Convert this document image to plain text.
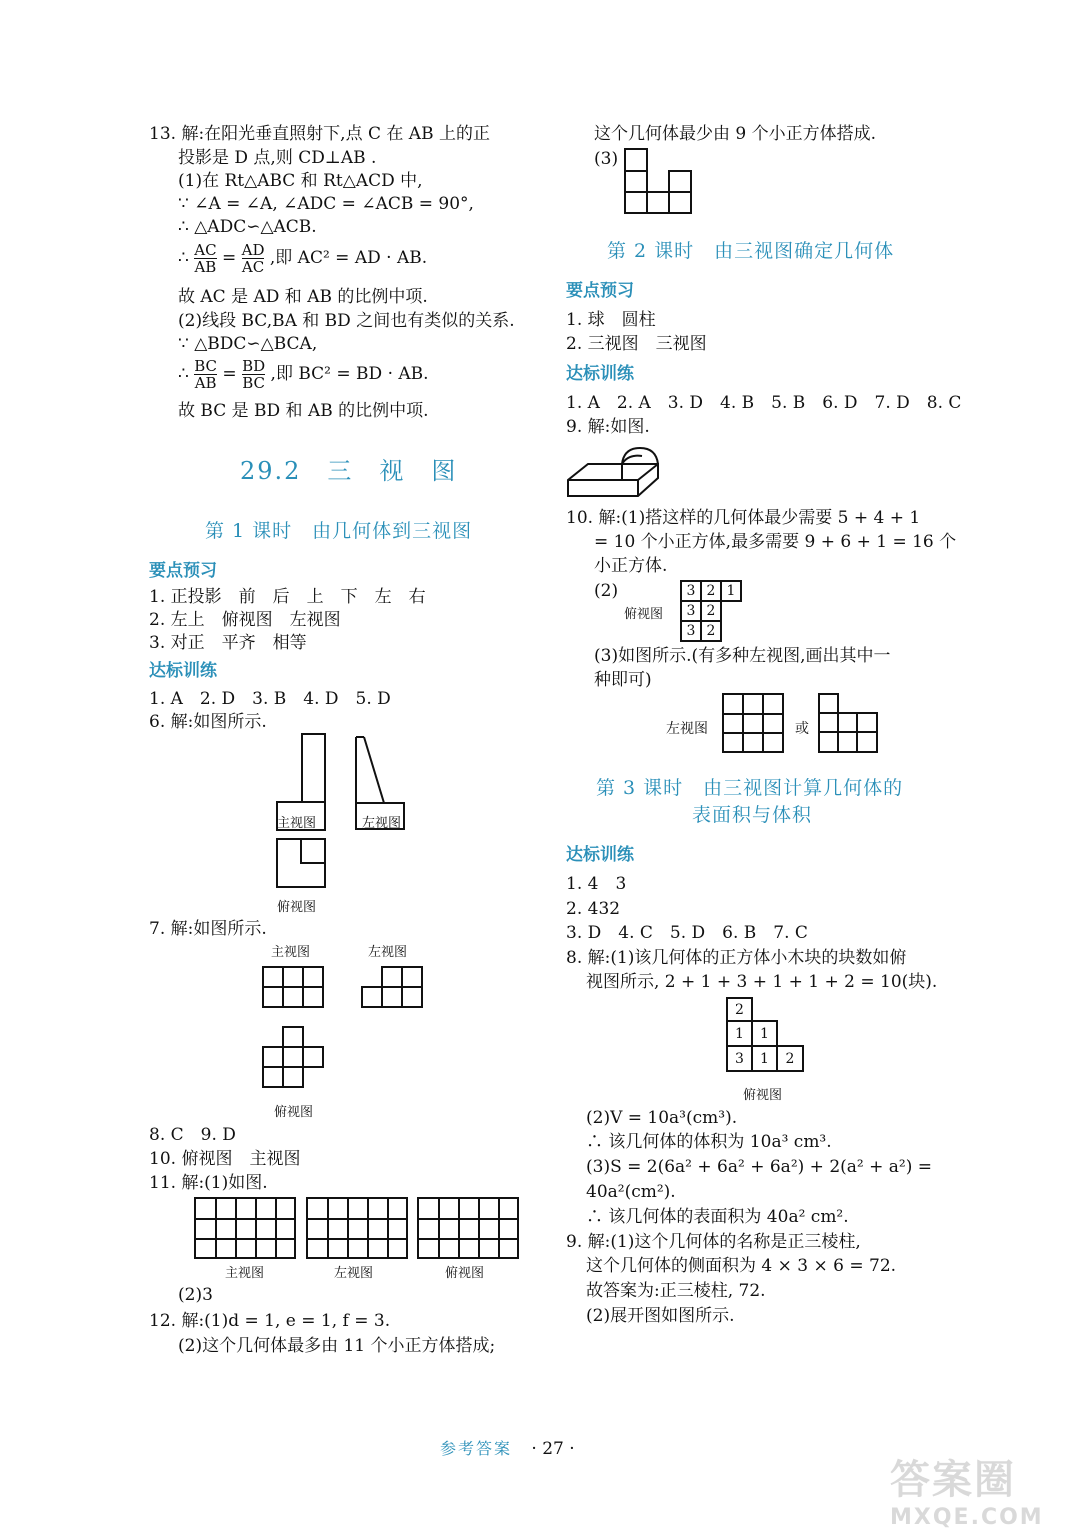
13. 解:在阳光垂直照射下,点 C 在 AB 上的正
投影是 D 点,则 CD⊥AB .
(1)在 Rt△ABC 和 Rt△ACD 中,
∵ ∠A = ∠A, ∠ADC = ∠ACB = 90°,
∴ △ADC∽△ACB.
∴ $\frac{AC}{AB} = \frac{AD}{AC}$ ,即 AC² = AD · AB.
故 AC 是 AD 和 AB 的比例中项.
(2)线段 BC,BA 和 BD 之间也有类似的关系.
∵ △BDC∽△BCA,
∴ $\frac{BC}{AB} = \frac{BD}{BC}$ ,即 BC² = BD · AB.
故 BC 是 BD 和 AB 的比例中项.
29.2　三　视　图
第 1 课时　由几何体到三视图
要点预习
1. 正投影　前　后　上　下　左　右
2. 左上　俯视图　左视图
3. 对正　平齐　相等
达标训练
1. A　2. D　3. B　4. D　5. D
6. 解:如图所示.
主视图	左视图
俯视图
7. 解:如图所示.
主视图	左视图
俯视图
8. C　9. D
10. 俯视图　主视图
11. 解:(1)如图.
主视图	左视图	俯视图
(2)3
12. 解:(1)d = 1, e = 1, f = 3.
(2)这个几何体最多由 11 个小正方体搭成;
这个几何体最少由 9 个小正方体搭成.
(3)
第 2 课时　由三视图确定几何体
要点预习
1. 球　圆柱
2. 三视图　三视图
达标训练
1. A　2. A　3. D　4. B　5. B　6. D　7. D　8. C
9. 解:如图.
10. 解:(1)搭这样的几何体最少需要 5 + 4 + 1
= 10 个小正方体,最多需要 9 + 6 + 1 = 16 个
小正方体.
(2)
俯视图
3 2 1
3 2
3 2
(3)如图所示.(有多种左视图,画出其中一
种即可)
左视图	或
第 3 课时　由三视图计算几何体的
表面积与体积
达标训练
1. 4　3
2. 432
3. D　4. C　5. D　6. B　7. C
8. 解:(1)该几何体的正方体小木块的块数如俯
视图所示, 2 + 1 + 3 + 1 + 1 + 2 = 10(块).
2
1	1
3	1	2
俯视图
(2)V = 10a³(cm³).
∴ 该几何体的体积为 10a³ cm³.
(3)S = 2(6a² + 6a² + 6a²) + 2(a² + a²) =
40a²(cm²).
∴ 该几何体的表面积为 40a² cm².
9. 解:(1)这个几何体的名称是正三棱柱,
这个几何体的侧面积为 4 × 3 × 6 = 72.
故答案为:正三棱柱, 72.
(2)展开图如图所示.
参考答案 · 27 ·
答案圈
MXQE.COM
